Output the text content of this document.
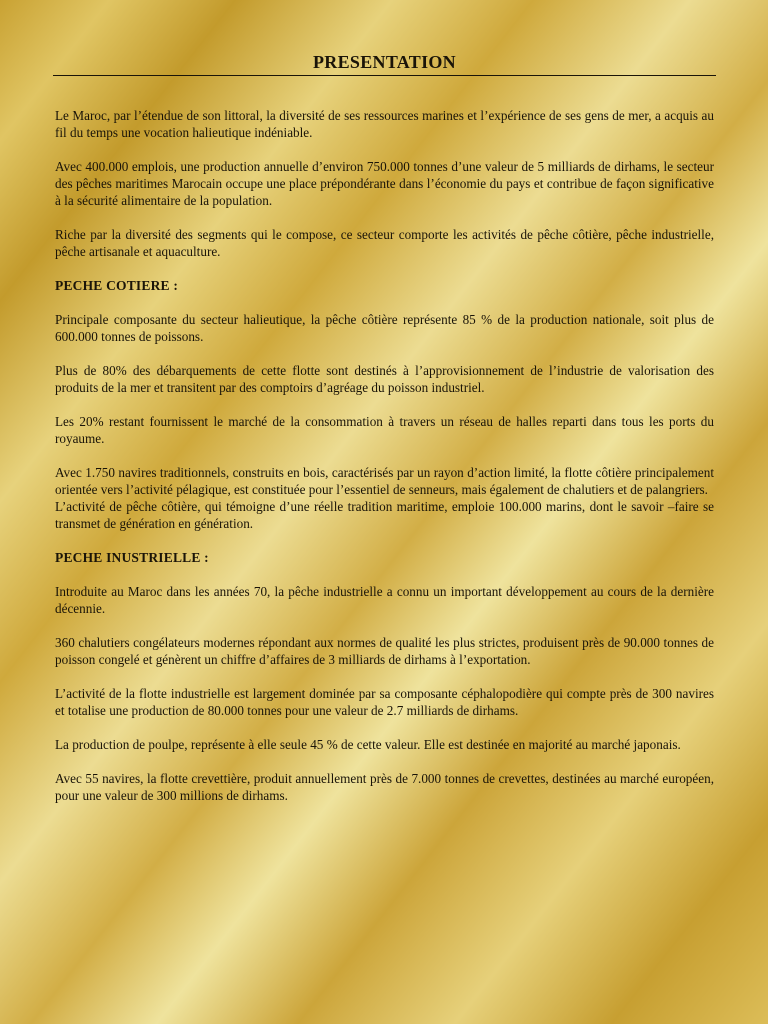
PRESENTATION

Le Maroc, par l’étendue de son littoral, la diversité de ses ressources marines et l’expérience de ses gens de mer, a acquis au fil du temps une vocation halieutique indéniable.

Avec 400.000 emplois, une production annuelle d’environ 750.000 tonnes d’une valeur de 5 milliards de dirhams, le secteur des pêches maritimes Marocain occupe une place prépondérante dans l’économie du pays et contribue de façon significative à la sécurité alimentaire de la population.

Riche par la diversité des segments qui le compose, ce secteur comporte les activités de pêche côtière, pêche industrielle, pêche artisanale et aquaculture.

PECHE COTIERE :

Principale composante du secteur halieutique, la pêche côtière représente 85 % de la production nationale, soit plus de 600.000 tonnes de poissons.

Plus de 80% des débarquements de cette flotte sont destinés à l’approvisionnement de l’industrie de valorisation des produits de la mer et transitent par des comptoirs d’agréage du poisson industriel.

Les 20% restant fournissent le marché de la consommation à travers un réseau de halles reparti dans tous les ports du royaume.

Avec 1.750 navires traditionnels, construits en bois, caractérisés par un rayon d’action limité, la flotte côtière principalement orientée vers l’activité pélagique, est constituée pour l’essentiel de senneurs, mais également de chalutiers et de palangriers.

L’activité de pêche côtière, qui témoigne d’une réelle tradition maritime, emploie 100.000 marins, dont le savoir –faire se transmet de génération en génération.

PECHE INUSTRIELLE :

Introduite au Maroc dans les années 70, la pêche industrielle a connu un important développement au cours de la dernière décennie.

360 chalutiers congélateurs modernes répondant aux normes de qualité les plus strictes, produisent près de 90.000 tonnes de poisson congelé et génèrent un chiffre d’affaires de 3 milliards de dirhams à l’exportation.

L’activité de la flotte industrielle est largement dominée par sa composante céphalopodière qui compte près de 300 navires et totalise une production de 80.000 tonnes pour une valeur de 2.7 milliards de dirhams.

La production de poulpe, représente à elle seule 45 % de cette valeur. Elle est destinée en majorité au marché japonais.

Avec 55 navires, la flotte crevettière, produit annuellement près de 7.000 tonnes de crevettes, destinées au marché européen, pour une valeur de 300 millions de dirhams.
